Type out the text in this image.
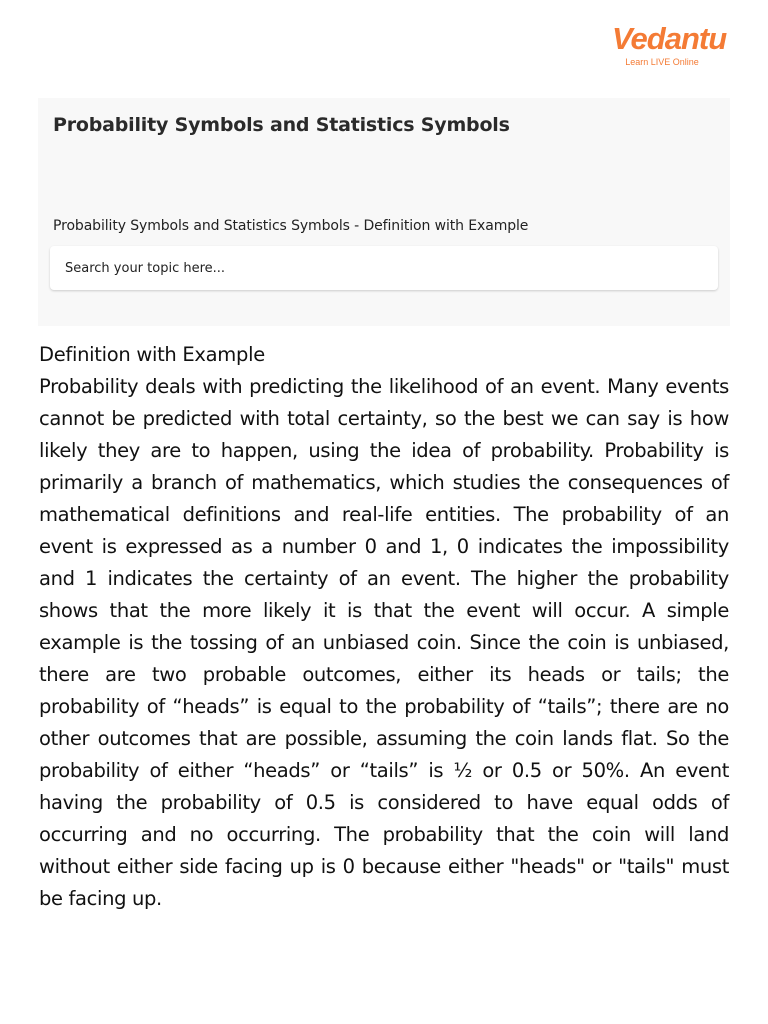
Vedantu
Learn LIVE Online
Probability Symbols and Statistics Symbols

Probability Symbols and Statistics Symbols - Definition with Example

Search your topic here...
Definition with Example

Probability deals with predicting the likelihood of an event. Many events cannot be predicted with total certainty, so the best we can say is how likely they are to happen, using the idea of probability. Probability is primarily a branch of mathematics, which studies the consequences of mathematical definitions and real-life entities. The probability of an event is expressed as a number 0 and 1, 0 indicates the impossibility and 1 indicates the certainty of an event. The higher the probability shows that the more likely it is that the event will occur. A simple example is the tossing of an unbiased coin. Since the coin is unbiased, there are two probable outcomes, either its heads or tails; the probability of “heads” is equal to the probability of “tails”; there are no other outcomes that are possible, assuming the coin lands flat. So the probability of either “heads” or “tails” is ½ or 0.5 or 50%. An event having the probability of 0.5 is considered to have equal odds of occurring and no occurring. The probability that the coin will land without either side facing up is 0 because either "heads" or "tails" must be facing up.
